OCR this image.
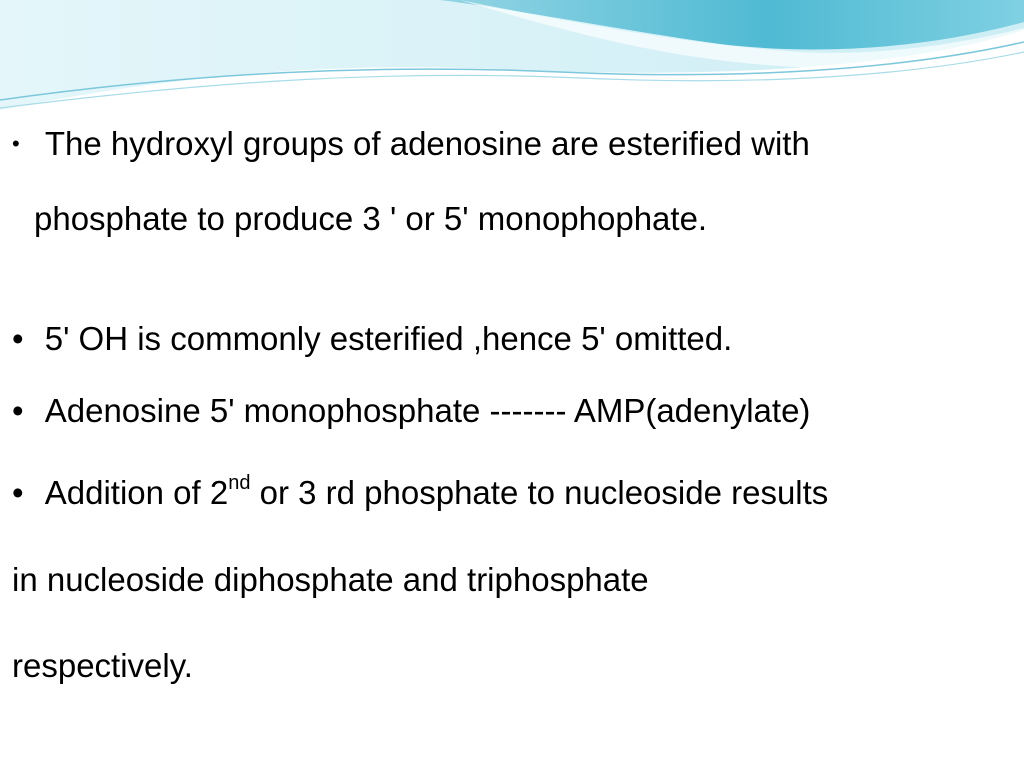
• The hydroxyl groups of adenosine are esterified with
phosphate to produce 3 ' or 5' monophophate.
• 5' OH is commonly esterified ,hence 5' omitted.
• Adenosine 5' monophosphate ------- AMP(adenylate)
• Addition of 2nd or 3 rd phosphate to nucleoside results
in nucleoside diphosphate and triphosphate
respectively.
